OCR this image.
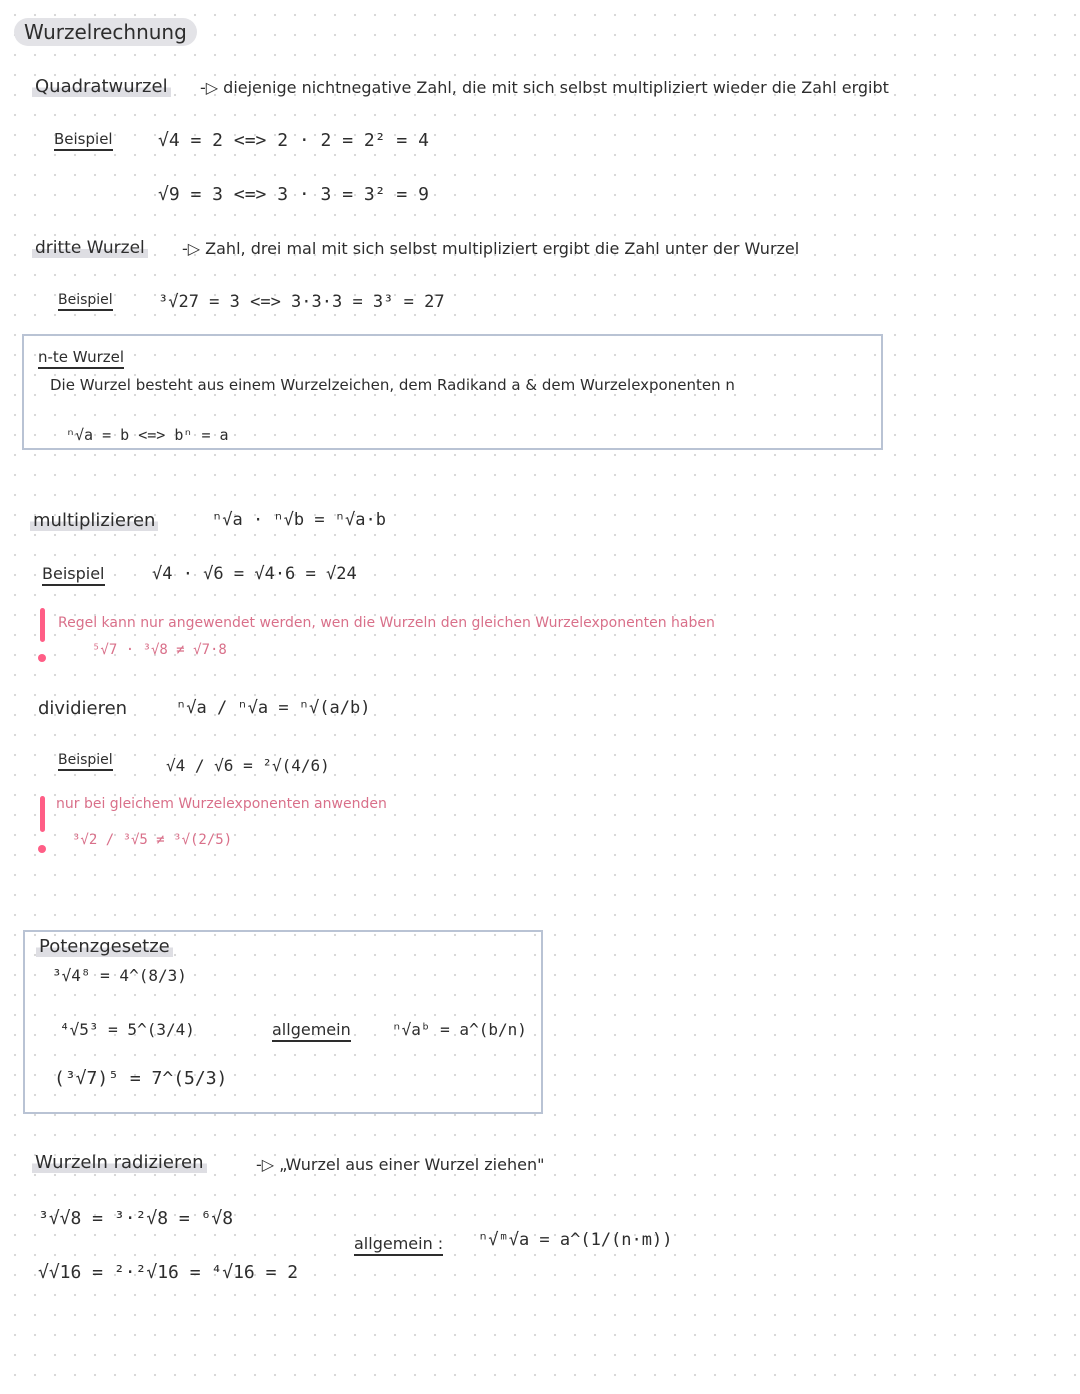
Wurzelrechnung
Quadratwurzel -▷ diejenige nichtnegative Zahl, die mit sich selbst multipliziert wieder die Zahl ergibt
Beispiel	√4 = 2 <=> 2 · 2 = 2² = 4
√9 = 3 <=> 3 · 3 = 3² = 9
dritte Wurzel -▷ Zahl, drei mal mit sich selbst multipliziert ergibt die Zahl unter der Wurzel
Beispiel	³√27 = 3 <=> 3·3·3 = 3³ = 27
n-te Wurzel
Die Wurzel besteht aus einem Wurzelzeichen, dem Radikand a & dem Wurzelexponenten n
ⁿ√a = b <=> bⁿ = a
multiplizieren	ⁿ√a · ⁿ√b = ⁿ√a·b
Beispiel	√4 · √6 = √4·6 = √24
Regel kann nur angewendet werden, wen die Wurzeln den gleichen Wurzelexponenten haben
⁵√7 · ³√8 ≠ √7·8
dividieren	ⁿ√a / ⁿ√a = ⁿ√(a/b)
Beispiel	√4 / √6 = ²√(4/6)
nur bei gleichem Wurzelexponenten anwenden
³√2 / ³√5 ≠ ³√(2/5)
Potenzgesetze
³√4⁸ = 4^(8/3)
⁴√5³ = 5^(3/4)
(³√7)⁵ = 7^(5/3)
allgemein	ⁿ√aᵇ = a^(b/n)
Wurzeln radizieren	-▷ „Wurzel aus einer Wurzel ziehen"
³√√8 = ³·²√8 = ⁶√8
allgemein : ⁿ√ᵐ√a = a^(1/(n·m))
√√16 = ²·²√16 = ⁴√16 = 2
